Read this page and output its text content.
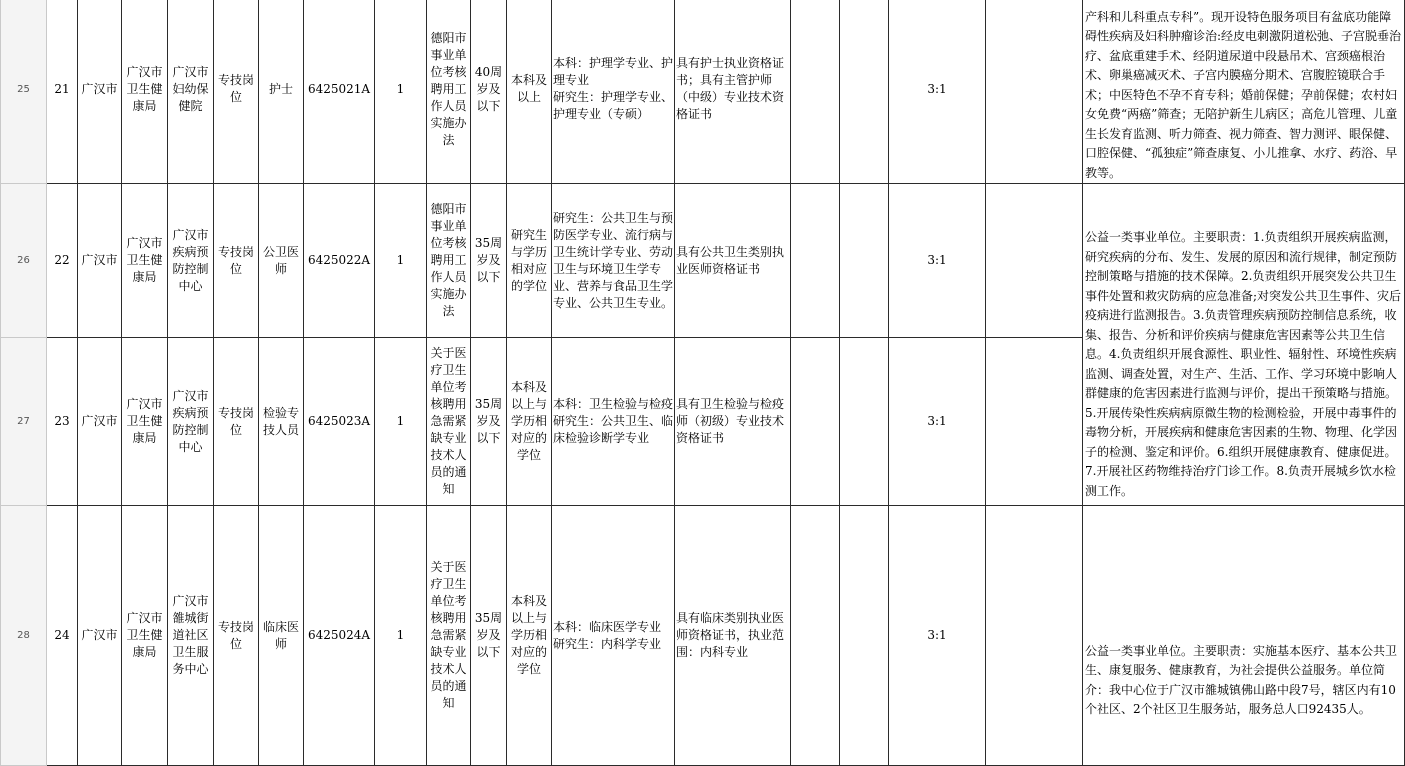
25	21	广汉市	广汉市卫生健康局	广汉市妇幼保健院	专技岗位	护士	6425021A	1	德阳市事业单位考核聘用工作人员实施办法	40周岁及以下	本科及以上	本科：护理学专业、护理专业
研究生：护理学专业、护理专业（专硕）	具有护士执业资格证书；具有主管护师（中级）专业技术资格证书			3:1		产科和儿科重点专科”。现开设特色服务项目有盆底功能障碍性疾病及妇科肿瘤诊治:经皮电刺激阴道松弛、子宫脱垂治疗、盆底重建手术、经阴道尿道中段悬吊术、宫颈癌根治术、卵巢癌减灭术、子宫内膜癌分期术、宫腹腔镜联合手术；中医特色不孕不育专科；婚前保健；孕前保健；农村妇女免费“两癌”筛查；无陪护新生儿病区；高危儿管理、儿童生长发育监测、听力筛查、视力筛查、智力测评、眼保健、口腔保健、“孤独症”筛查康复、小儿推拿、水疗、药浴、早教等。

26	22	广汉市	广汉市卫生健康局	广汉市疾病预防控制中心	专技岗位	公卫医师	6425022A	1	德阳市事业单位考核聘用工作人员实施办法	35周岁及以下	研究生与学历相对应的学位	研究生：公共卫生与预防医学专业、流行病与卫生统计学专业、劳动卫生与环境卫生学专业、营养与食品卫生学专业、公共卫生专业。	具有公共卫生类别执业医师资格证书			3:1		公益一类事业单位。主要职责：1.负责组织开展疾病监测，研究疾病的分布、发生、发展的原因和流行规律，制定预防控制策略与措施的技术保障。2.负责组织开展突发公共卫生事件处置和救灾防病的应急准备;对突发公共卫生事件、灾后疫病进行监测报告。3.负责管理疾病预防控制信息系统，收集、报告、分析和评价疾病与健康危害因素等公共卫生信息。4.负责组织开展食源性、职业性、辐射性、环境性疾病监测、调查处置，对生产、生活、工作、学习环境中影响人群健康的危害因素进行监测与评价，提出干预策略与措施。5.开展传染性疾病病原微生物的检测检验，开展中毒事件的毒物分析，开展疾病和健康危害因素的生物、物理、化学因子的检测、鉴定和评价。6.组织开展健康教育、健康促进。7.开展社区药物维持治疗门诊工作。8.负责开展城乡饮水检测工作。

27	23	广汉市	广汉市卫生健康局	广汉市疾病预防控制中心	专技岗位	检验专技人员	6425023A	1	关于医疗卫生单位考核聘用急需紧缺专业技术人员的通知	35周岁及以下	本科及以上与学历相对应的学位	本科：卫生检验与检疫
研究生：公共卫生、临床检验诊断学专业	具有卫生检验与检疫师（初级）专业技术资格证书			3:1		
28	24	广汉市	广汉市卫生健康局	广汉市雒城街道社区卫生服务中心	专技岗位	临床医师	6425024A	1	关于医疗卫生单位考核聘用急需紧缺专业技术人员的通知	35周岁及以下	本科及以上与学历相对应的学位	本科：临床医学专业
研究生：内科学专业	具有临床类别执业医师资格证书，执业范围：内科专业			3:1		公益一类事业单位。主要职责：实施基本医疗、基本公共卫生、康复服务、健康教育，为社会提供公益服务。单位简介：我中心位于广汉市雒城镇佛山路中段7号，辖区内有10个社区、2个社区卫生服务站，服务总人口92435人。
